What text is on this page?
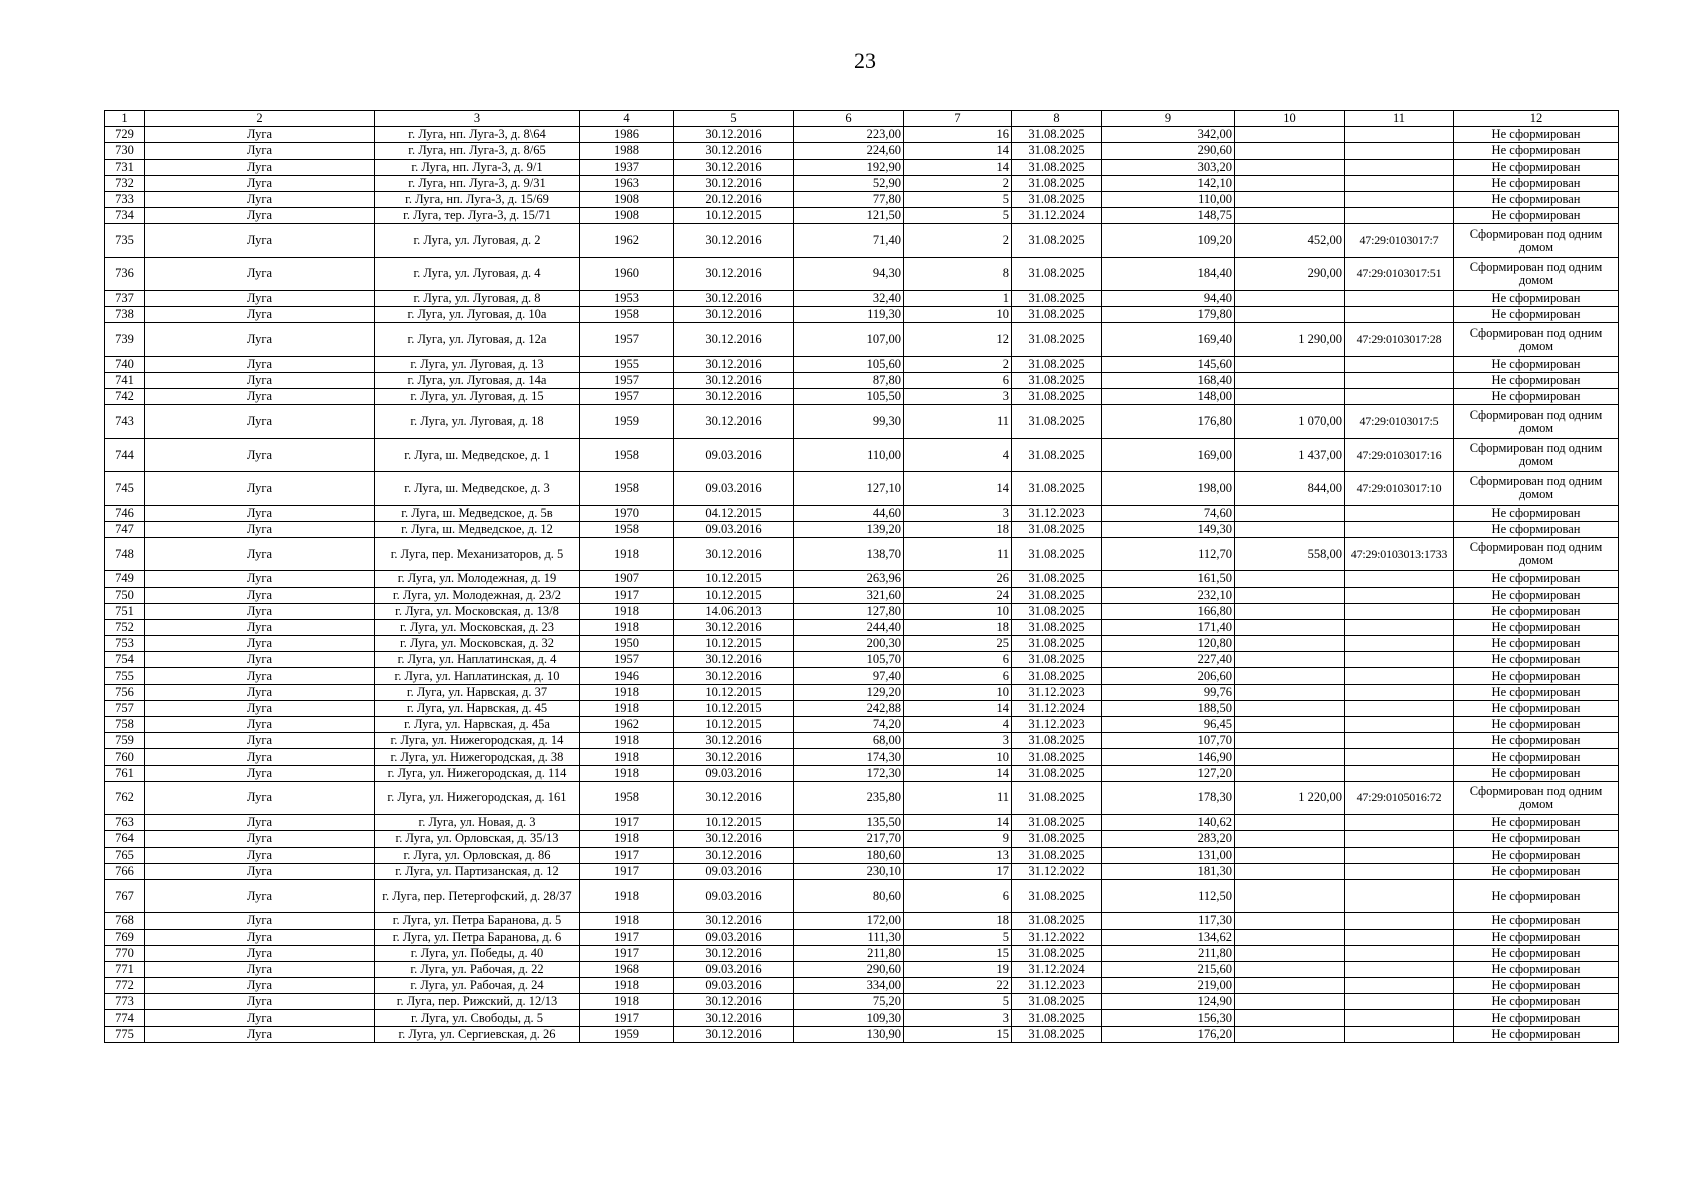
23
1	2	3	4	5	6	7	8	9	10	11	12
729	Луга	г. Луга, нп. Луга-3, д. 8\64	1986	30.12.2016	223,00	16	31.08.2025	342,00			Не сформирован
730	Луга	г. Луга, нп. Луга-3, д. 8/65	1988	30.12.2016	224,60	14	31.08.2025	290,60			Не сформирован
731	Луга	г. Луга, нп. Луга-3, д. 9/1	1937	30.12.2016	192,90	14	31.08.2025	303,20			Не сформирован
732	Луга	г. Луга, нп. Луга-3, д. 9/31	1963	30.12.2016	52,90	2	31.08.2025	142,10			Не сформирован
733	Луга	г. Луга, нп. Луга-3, д. 15/69	1908	20.12.2016	77,80	5	31.08.2025	110,00			Не сформирован
734	Луга	г. Луга, тер. Луга-3, д. 15/71	1908	10.12.2015	121,50	5	31.12.2024	148,75			Не сформирован
735	Луга	г. Луга, ул. Луговая, д. 2	1962	30.12.2016	71,40	2	31.08.2025	109,20	452,00	47:29:0103017:7	Сформирован под одним домом
736	Луга	г. Луга, ул. Луговая, д. 4	1960	30.12.2016	94,30	8	31.08.2025	184,40	290,00	47:29:0103017:51	Сформирован под одним домом
737	Луга	г. Луга, ул. Луговая, д. 8	1953	30.12.2016	32,40	1	31.08.2025	94,40			Не сформирован
738	Луга	г. Луга, ул. Луговая, д. 10а	1958	30.12.2016	119,30	10	31.08.2025	179,80			Не сформирован
739	Луга	г. Луга, ул. Луговая, д. 12а	1957	30.12.2016	107,00	12	31.08.2025	169,40	1 290,00	47:29:0103017:28	Сформирован под одним домом
740	Луга	г. Луга, ул. Луговая, д. 13	1955	30.12.2016	105,60	2	31.08.2025	145,60			Не сформирован
741	Луга	г. Луга, ул. Луговая, д. 14а	1957	30.12.2016	87,80	6	31.08.2025	168,40			Не сформирован
742	Луга	г. Луга, ул. Луговая, д. 15	1957	30.12.2016	105,50	3	31.08.2025	148,00			Не сформирован
743	Луга	г. Луга, ул. Луговая, д. 18	1959	30.12.2016	99,30	11	31.08.2025	176,80	1 070,00	47:29:0103017:5	Сформирован под одним домом
744	Луга	г. Луга, ш. Медведское, д. 1	1958	09.03.2016	110,00	4	31.08.2025	169,00	1 437,00	47:29:0103017:16	Сформирован под одним домом
745	Луга	г. Луга, ш. Медведское, д. 3	1958	09.03.2016	127,10	14	31.08.2025	198,00	844,00	47:29:0103017:10	Сформирован под одним домом
746	Луга	г. Луга, ш. Медведское, д. 5в	1970	04.12.2015	44,60	3	31.12.2023	74,60			Не сформирован
747	Луга	г. Луга, ш. Медведское, д. 12	1958	09.03.2016	139,20	18	31.08.2025	149,30			Не сформирован
748	Луга	г. Луга, пер. Механизаторов, д. 5	1918	30.12.2016	138,70	11	31.08.2025	112,70	558,00	47:29:0103013:1733	Сформирован под одним домом
749	Луга	г. Луга, ул. Молодежная, д. 19	1907	10.12.2015	263,96	26	31.08.2025	161,50			Не сформирован
750	Луга	г. Луга, ул. Молодежная, д. 23/2	1917	10.12.2015	321,60	24	31.08.2025	232,10			Не сформирован
751	Луга	г. Луга, ул. Московская, д. 13/8	1918	14.06.2013	127,80	10	31.08.2025	166,80			Не сформирован
752	Луга	г. Луга, ул. Московская, д. 23	1918	30.12.2016	244,40	18	31.08.2025	171,40			Не сформирован
753	Луга	г. Луга, ул. Московская, д. 32	1950	10.12.2015	200,30	25	31.08.2025	120,80			Не сформирован
754	Луга	г. Луга, ул. Наплатинская, д. 4	1957	30.12.2016	105,70	6	31.08.2025	227,40			Не сформирован
755	Луга	г. Луга, ул. Наплатинская, д. 10	1946	30.12.2016	97,40	6	31.08.2025	206,60			Не сформирован
756	Луга	г. Луга, ул. Нарвская, д. 37	1918	10.12.2015	129,20	10	31.12.2023	99,76			Не сформирован
757	Луга	г. Луга, ул. Нарвская, д. 45	1918	10.12.2015	242,88	14	31.12.2024	188,50			Не сформирован
758	Луга	г. Луга, ул. Нарвская, д. 45а	1962	10.12.2015	74,20	4	31.12.2023	96,45			Не сформирован
759	Луга	г. Луга, ул. Нижегородская, д. 14	1918	30.12.2016	68,00	3	31.08.2025	107,70			Не сформирован
760	Луга	г. Луга, ул. Нижегородская, д. 38	1918	30.12.2016	174,30	10	31.08.2025	146,90			Не сформирован
761	Луга	г. Луга, ул. Нижегородская, д. 114	1918	09.03.2016	172,30	14	31.08.2025	127,20			Не сформирован
762	Луга	г. Луга, ул. Нижегородская, д. 161	1958	30.12.2016	235,80	11	31.08.2025	178,30	1 220,00	47:29:0105016:72	Сформирован под одним домом
763	Луга	г. Луга, ул. Новая, д. 3	1917	10.12.2015	135,50	14	31.08.2025	140,62			Не сформирован
764	Луга	г. Луга, ул. Орловская, д. 35/13	1918	30.12.2016	217,70	9	31.08.2025	283,20			Не сформирован
765	Луга	г. Луга, ул. Орловская, д. 86	1917	30.12.2016	180,60	13	31.08.2025	131,00			Не сформирован
766	Луга	г. Луга, ул. Партизанская, д. 12	1917	09.03.2016	230,10	17	31.12.2022	181,30			Не сформирован
767	Луга	г. Луга, пер. Петергофский, д. 28/37	1918	09.03.2016	80,60	6	31.08.2025	112,50			Не сформирован
768	Луга	г. Луга, ул. Петра Баранова, д. 5	1918	30.12.2016	172,00	18	31.08.2025	117,30			Не сформирован
769	Луга	г. Луга, ул. Петра Баранова, д. 6	1917	09.03.2016	111,30	5	31.12.2022	134,62			Не сформирован
770	Луга	г. Луга, ул. Победы, д. 40	1917	30.12.2016	211,80	15	31.08.2025	211,80			Не сформирован
771	Луга	г. Луга, ул. Рабочая, д. 22	1968	09.03.2016	290,60	19	31.12.2024	215,60			Не сформирован
772	Луга	г. Луга, ул. Рабочая, д. 24	1918	09.03.2016	334,00	22	31.12.2023	219,00			Не сформирован
773	Луга	г. Луга, пер. Рижский, д. 12/13	1918	30.12.2016	75,20	5	31.08.2025	124,90			Не сформирован
774	Луга	г. Луга, ул. Свободы, д. 5	1917	30.12.2016	109,30	3	31.08.2025	156,30			Не сформирован
775	Луга	г. Луга, ул. Сергиевская, д. 26	1959	30.12.2016	130,90	15	31.08.2025	176,20			Не сформирован
